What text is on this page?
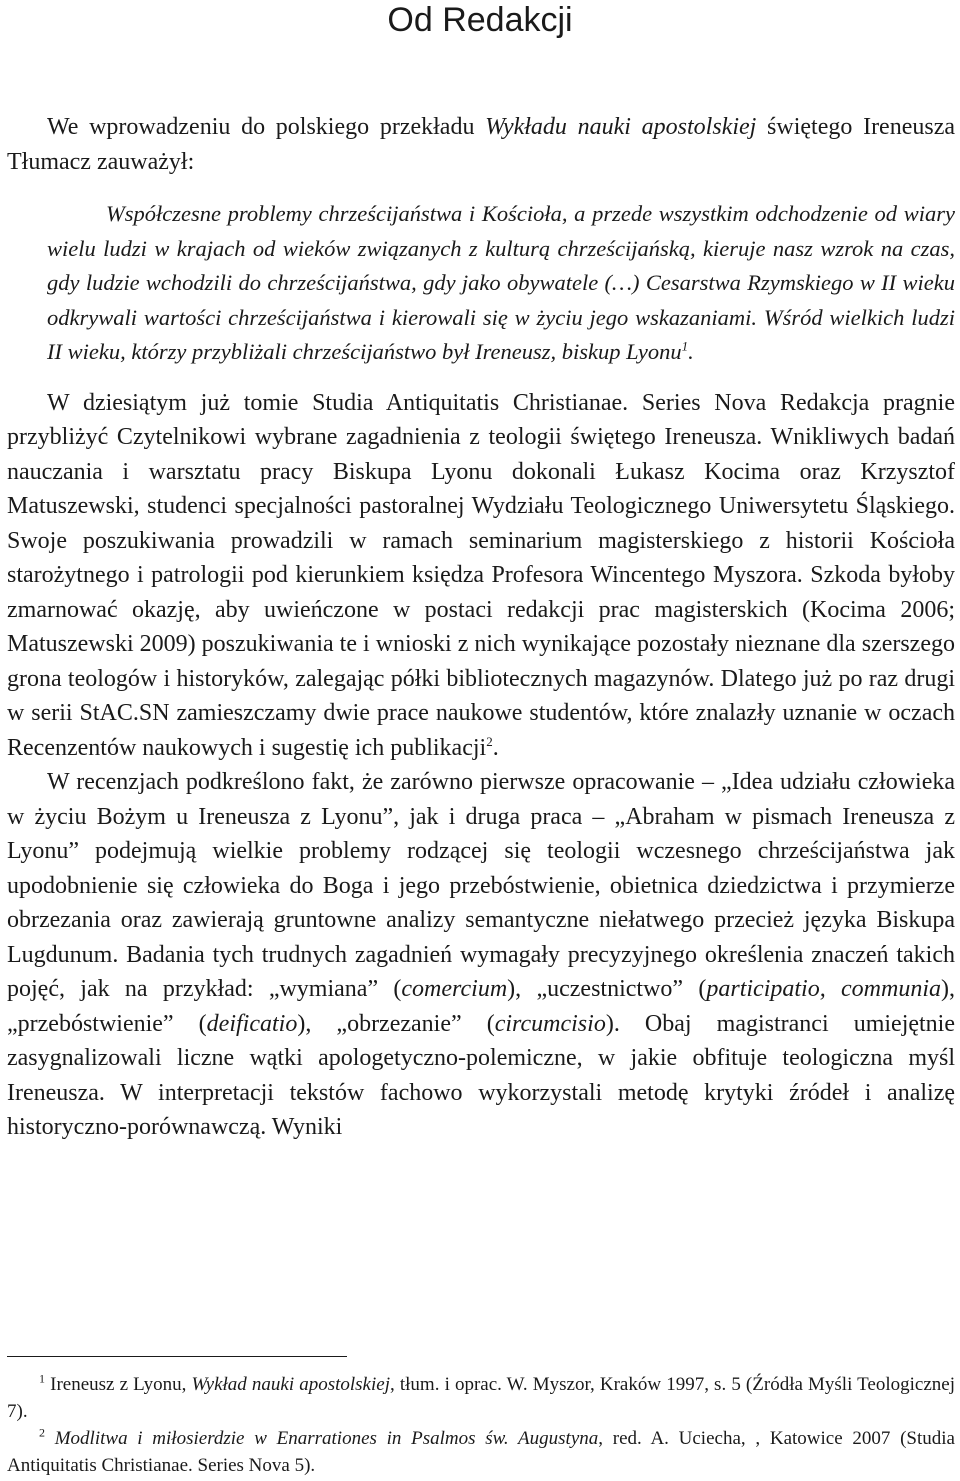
Od Redakcji

We wprowadzeniu do polskiego przekładu Wykładu nauki apostolskiej świętego Ireneusza Tłumacz zauważył:

Współczesne problemy chrześcijaństwa i Kościoła, a przede wszystkim odchodzenie od wiary wielu ludzi w krajach od wieków związanych z kulturą chrześcijańską, kieruje nasz wzrok na czas, gdy ludzie wchodzili do chrześcijaństwa, gdy jako obywatele (…) Cesarstwa Rzymskiego w II wieku odkrywali wartości chrześcijaństwa i kierowali się w życiu jego wskazaniami. Wśród wielkich ludzi II wieku, którzy przybliżali chrześcijaństwo był Ireneusz, biskup Lyonu$^1$.

W dziesiątym już tomie Studia Antiquitatis Christianae. Series Nova Redakcja pragnie przybliżyć Czytelnikowi wybrane zagadnienia z teologii świętego Ireneusza. Wnikliwych badań nauczania i warsztatu pracy Biskupa Lyonu dokonali Łukasz Kocima oraz Krzysztof Matuszewski, studenci specjalności pastoralnej Wydziału Teologicznego Uniwersytetu Śląskiego. Swoje poszukiwania prowadzili w ramach seminarium magisterskiego z historii Kościoła starożytnego i patrologii pod kierunkiem księdza Profesora Wincentego Myszora. Szkoda byłoby zmarnować okazję, aby uwieńczone w postaci redakcji prac magisterskich (Kocima 2006; Matuszewski 2009) poszukiwania te i wnioski z nich wynikające pozostały nieznane dla szerszego grona teologów i historyków, zalegając półki bibliotecznych magazynów. Dlatego już po raz drugi w serii StAC.SN zamieszczamy dwie prace naukowe studentów, które znalazły uznanie w oczach Recenzentów naukowych i sugestię ich publikacji$^2$.

W recenzjach podkreślono fakt, że zarówno pierwsze opracowanie – „Idea udziału człowieka w życiu Bożym u Ireneusza z Lyonu”, jak i druga praca – „Abraham w pismach Ireneusza z Lyonu” podejmują wielkie problemy rodzącej się teologii wczesnego chrześcijaństwa jak upodobnienie się człowieka do Boga i jego przebóstwienie, obietnica dziedzictwa i przymierze obrzezania oraz zawierają gruntowne analizy semantyczne niełatwego przecież języka Biskupa Lugdunum. Badania tych trudnych zagadnień wymagały precyzyjnego określenia znaczeń takich pojęć, jak na przykład: „wymiana” (comercium), „uczestnictwo” (participatio, communia), „przebóstwienie” (deificatio), „obrzezanie” (circumcisio). Obaj magistranci umiejętnie zasygnalizowali liczne wątki apologetyczno-polemiczne, w jakie obfituje teologiczna myśl Ireneusza. W interpretacji tekstów fachowo wykorzystali metodę krytyki źródeł i analizę historyczno-porównawczą. Wyniki

$^1$ Ireneusz z Lyonu, Wykład nauki apostolskiej, tłum. i oprac. W. Myszor, Kraków 1997, s. 5 (Źródła Myśli Teologicznej 7).

$^2$ Modlitwa i miłosierdzie w Enarrationes in Psalmos św. Augustyna, red. A. Uciecha, , Katowice 2007 (Studia Antiquitatis Christianae. Series Nova 5).
